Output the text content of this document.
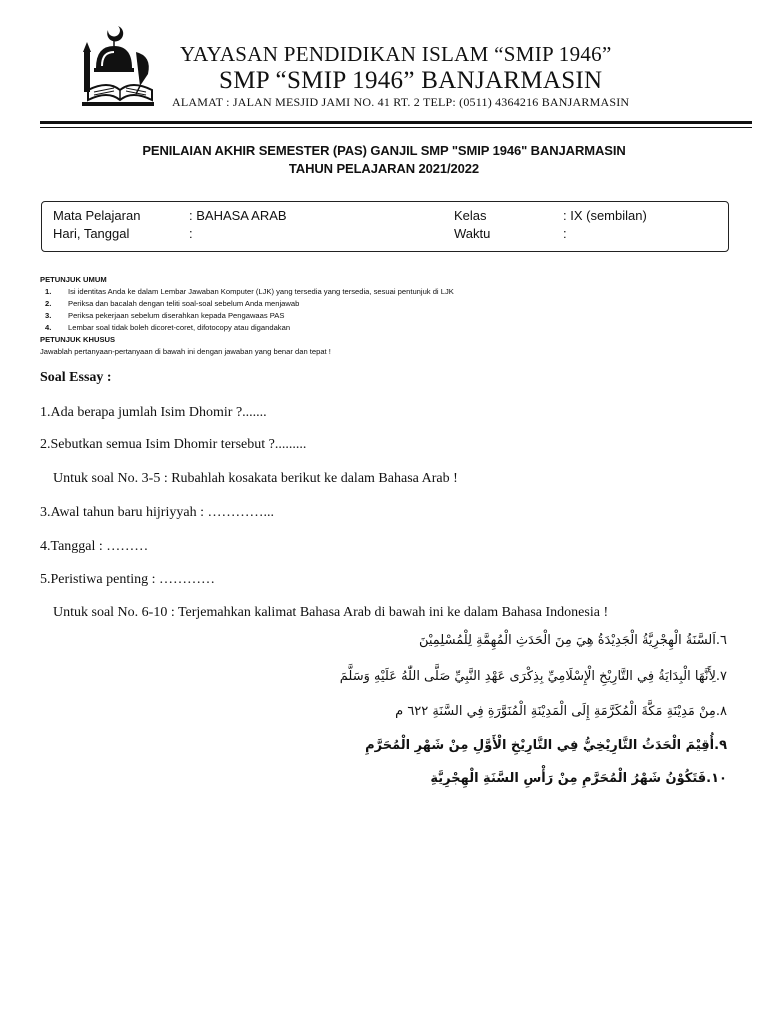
YAYASAN PENDIDIKAN ISLAM “SMIP 1946”
SMP “SMIP 1946” BANJARMASIN
ALAMAT : JALAN MESJID JAMI NO. 41 RT. 2 TELP: (0511) 4364216 BANJARMASIN
PENILAIAN AKHIR SEMESTER (PAS) GANJIL SMP "SMIP 1946" BANJARMASIN
TAHUN PELAJARAN 2021/2022
Mata Pelajaran	: BAHASA ARAB
Hari, Tanggal	:
Kelas	: IX (sembilan)
Waktu	:
PETUNJUK UMUM
1. Isi identitas Anda ke dalam Lembar Jawaban Komputer (LJK) yang tersedia yang tersedia, sesuai pentunjuk di LJK
2. Periksa dan bacalah dengan teliti soal-soal sebelum Anda menjawab
3. Periksa pekerjaan sebelum diserahkan kepada Pengawaas PAS
4. Lembar soal tidak boleh dicoret-coret, difotocopy atau digandakan
PETUNJUK KHUSUS
Jawablah pertanyaan-pertanyaan di bawah ini dengan jawaban yang benar dan tepat !
Soal Essay :
1.Ada berapa jumlah Isim Dhomir ?.......
2.Sebutkan semua Isim Dhomir tersebut ?.........
Untuk soal No. 3-5 : Rubahlah kosakata berikut ke dalam Bahasa Arab !
3.Awal tahun baru hijriyyah : …………...
4.Tanggal : ………
5.Peristiwa penting : …………
Untuk soal No. 6-10 : Terjemahkan kalimat Bahasa Arab di bawah ini ke dalam Bahasa Indonesia !
٦.اَلسَّنَةُ الْهِجْرِيَّةُ الْجَدِيْدَةُ هِيَ مِنَ الْحَدَثِ الْمُهِمَّةِ لِلْمُسْلِمِيْنَ
٧.لِأَنَّهَا الْبِدَايَةُ فِي التَّارِيْخِ الْإِسْلَامِيِّ بِذِكْرَى عَهْدِ النَّبِيِّ صَلَّى اللّٰهُ عَلَيْهِ وَسَلَّمَ
٨.مِنْ مَدِيْنَةِ مَكَّةَ الْمُكَرَّمَةِ إِلَى الْمَدِيْنَةِ الْمُنَوَّرَةِ فِي السَّنَةِ ٦٢٢ م
٩.أُقِيْمَ الْحَدَثُ التَّارِيْخِيُّ فِي التَّارِيْخِ الْأَوَّلِ مِنْ شَهْرِ الْمُحَرَّمِ
١٠.فَتَكُوْنُ شَهْرُ الْمُحَرَّمِ مِنْ رَأْسِ السَّنَةِ الْهِجْرِيَّةِ
